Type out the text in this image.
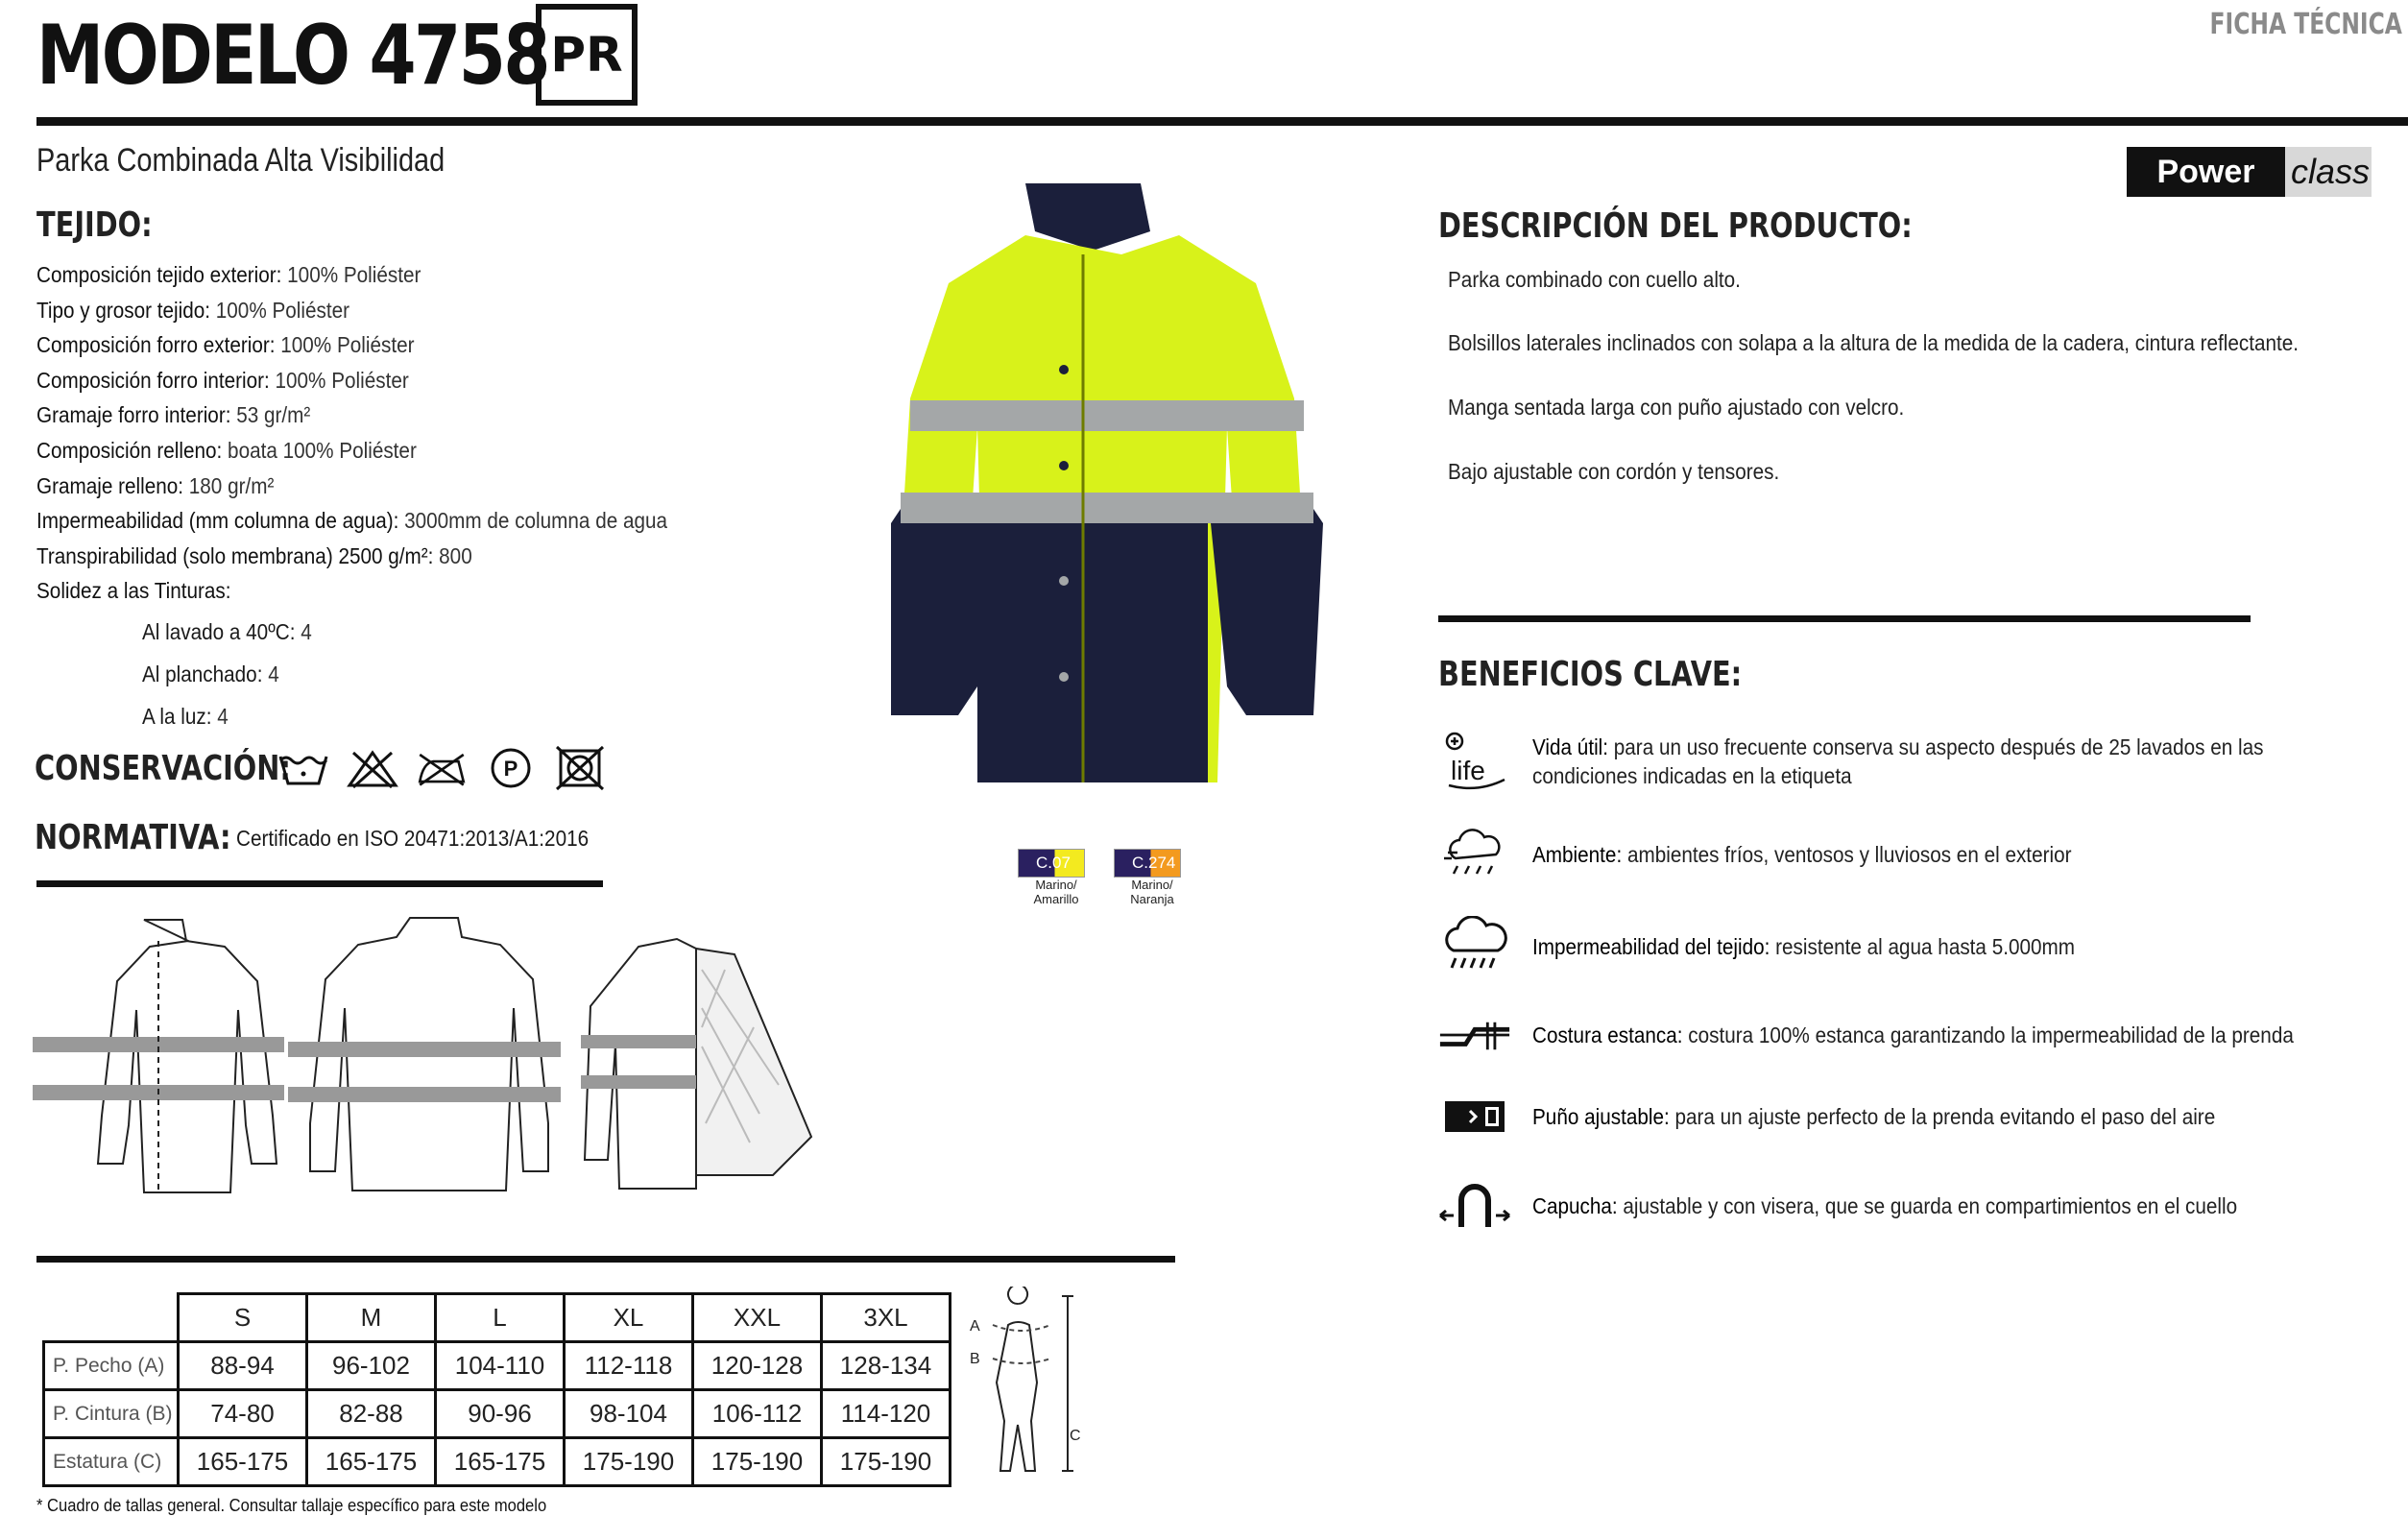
MODELO 4758 PR
FICHA TÉCNICA
Parka Combinada Alta Visibilidad	Power	class
TEJIDO:
Composición tejido exterior: 100% Poliéster
Tipo y grosor tejido: 100% Poliéster
Composición forro exterior: 100% Poliéster
Composición forro interior: 100% Poliéster
Gramaje forro interior: 53 gr/m²
Composición relleno: boata 100% Poliéster
Gramaje relleno: 180 gr/m²
Impermeabilidad (mm columna de agua): 3000mm de columna de agua
Transpirabilidad (solo membrana) 2500 g/m²: 800
Solidez a las Tinturas:
Al lavado a 40ºC: 4
Al planchado: 4
A la luz: 4
CONSERVACIÓN:	P
NORMATIVA: Certificado en ISO 20471:2013/A1:2016
C.07
Marino/
Amarillo
C.274
Marino/
Naranja
DESCRIPCIÓN DEL PRODUCTO:
Parka combinado con cuello alto.
Bolsillos laterales inclinados con solapa a la altura de la medida de la cadera, cintura reflectante.
Manga sentada larga con puño ajustado con velcro.
Bajo ajustable con cordón y tensores.
BENEFICIOS CLAVE:
life
Vida útil: para un uso frecuente conserva su aspecto después de 25 lavados en las condiciones indicadas en la etiqueta
Ambiente: ambientes fríos, ventosos y lluviosos en el exterior
Impermeabilidad del tejido: resistente al agua hasta 5.000mm
Costura estanca: costura 100% estanca garantizando la impermeabilidad de la prenda
Puño ajustable: para un ajuste perfecto de la prenda evitando el paso del aire
Capucha: ajustable y con visera, que se guarda en compartimientos en el cuello
	S	M	L	XL	XXL	3XL
P. Pecho (A)	88-94	96-102	104-110	112-118	120-128	128-134
P. Cintura (B)	74-80	82-88	90-96	98-104	106-112	114-120
Estatura (C)	165-175	165-175	165-175	175-190	175-190	175-190
A
B
C
* Cuadro de tallas general. Consultar tallaje específico para este modelo
